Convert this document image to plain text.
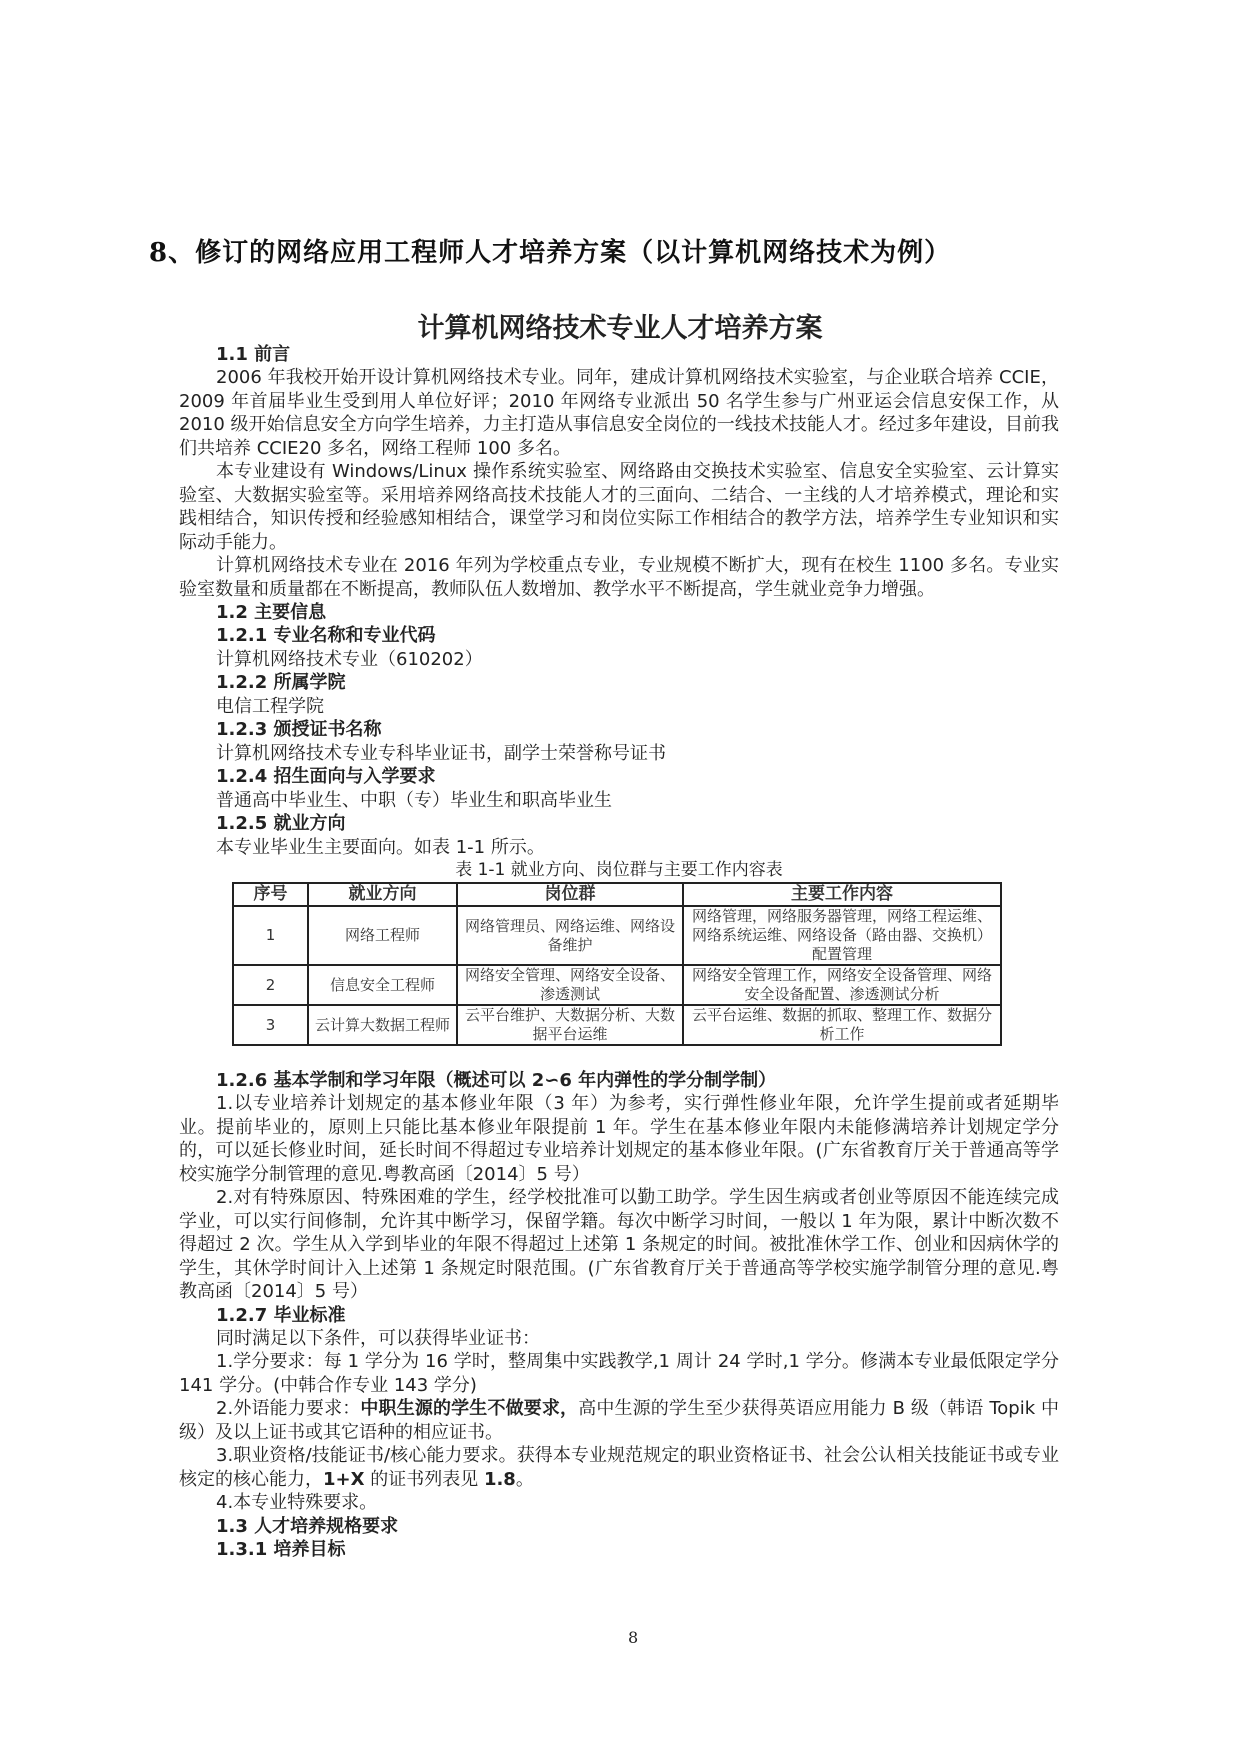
8、修订的网络应用工程师人才培养方案（以计算机网络技术为例）
计算机网络技术专业人才培养方案

1.1 前言

2006 年我校开始开设计算机网络技术专业。同年，建成计算机网络技术实验室，与企业联合培养 CCIE，2009 年首届毕业生受到用人单位好评；2010 年网络专业派出 50 名学生参与广州亚运会信息安保工作，从 2010 级开始信息安全方向学生培养，力主打造从事信息安全岗位的一线技术技能人才。经过多年建设，目前我们共培养 CCIE20 多名，网络工程师 100 多名。

本专业建设有 Windows/Linux 操作系统实验室、网络路由交换技术实验室、信息安全实验室、云计算实验室、大数据实验室等。采用培养网络高技术技能人才的三面向、二结合、一主线的人才培养模式，理论和实践相结合，知识传授和经验感知相结合，课堂学习和岗位实际工作相结合的教学方法，培养学生专业知识和实际动手能力。

计算机网络技术专业在 2016 年列为学校重点专业，专业规模不断扩大，现有在校生 1100 多名。专业实验室数量和质量都在不断提高，教师队伍人数增加、教学水平不断提高，学生就业竞争力增强。

1.2 主要信息

1.2.1 专业名称和专业代码

计算机网络技术专业（610202）

1.2.2 所属学院

电信工程学院

1.2.3 颁授证书名称

计算机网络技术专业专科毕业证书，副学士荣誉称号证书

1.2.4 招生面向与入学要求

普通高中毕业生、中职（专）毕业生和职高毕业生

1.2.5 就业方向

本专业毕业生主要面向。如表 1-1 所示。

表 1-1 就业方向、岗位群与主要工作内容表

序号	就业方向	岗位群	主要工作内容
1	网络工程师	网络管理员、网络运维、网络设备维护	网络管理，网络服务器管理，网络工程运维、网络系统运维、网络设备（路由器、交换机）配置管理
2	信息安全工程师	网络安全管理、网络安全设备、渗透测试	网络安全管理工作，网络安全设备管理、网络安全设备配置、渗透测试分析
3	云计算大数据工程师	云平台维护、大数据分析、大数据平台运维	云平台运维、数据的抓取、整理工作、数据分析工作

1.2.6 基本学制和学习年限（概述可以 2∽6 年内弹性的学分制学制）

1.以专业培养计划规定的基本修业年限（3 年）为参考，实行弹性修业年限，允许学生提前或者延期毕业。提前毕业的，原则上只能比基本修业年限提前 1 年。学生在基本修业年限内未能修满培养计划规定学分的，可以延长修业时间，延长时间不得超过专业培养计划规定的基本修业年限。(广东省教育厅关于普通高等学校实施学分制管理的意见.粤教高函〔2014〕5 号）

2.对有特殊原因、特殊困难的学生，经学校批准可以勤工助学。学生因生病或者创业等原因不能连续完成学业，可以实行间修制，允许其中断学习，保留学籍。每次中断学习时间，一般以 1 年为限，累计中断次数不得超过 2 次。学生从入学到毕业的年限不得超过上述第 1 条规定的时间。被批准休学工作、创业和因病休学的学生，其休学时间计入上述第 1 条规定时限范围。(广东省教育厅关于普通高等学校实施学制管分理的意见.粤教高函〔2014〕5 号）

1.2.7 毕业标准

同时满足以下条件，可以获得毕业证书：

1.学分要求：每 1 学分为 16 学时，整周集中实践教学,1 周计 24 学时,1 学分。修满本专业最低限定学分 141 学分。(中韩合作专业 143 学分)

2.外语能力要求：中职生源的学生不做要求，高中生源的学生至少获得英语应用能力 B 级（韩语 Topik 中级）及以上证书或其它语种的相应证书。

3.职业资格/技能证书/核心能力要求。获得本专业规范规定的职业资格证书、社会公认相关技能证书或专业核定的核心能力，1+X 的证书列表见 1.8。

4.本专业特殊要求。

1.3 人才培养规格要求

1.3.1 培养目标

8
